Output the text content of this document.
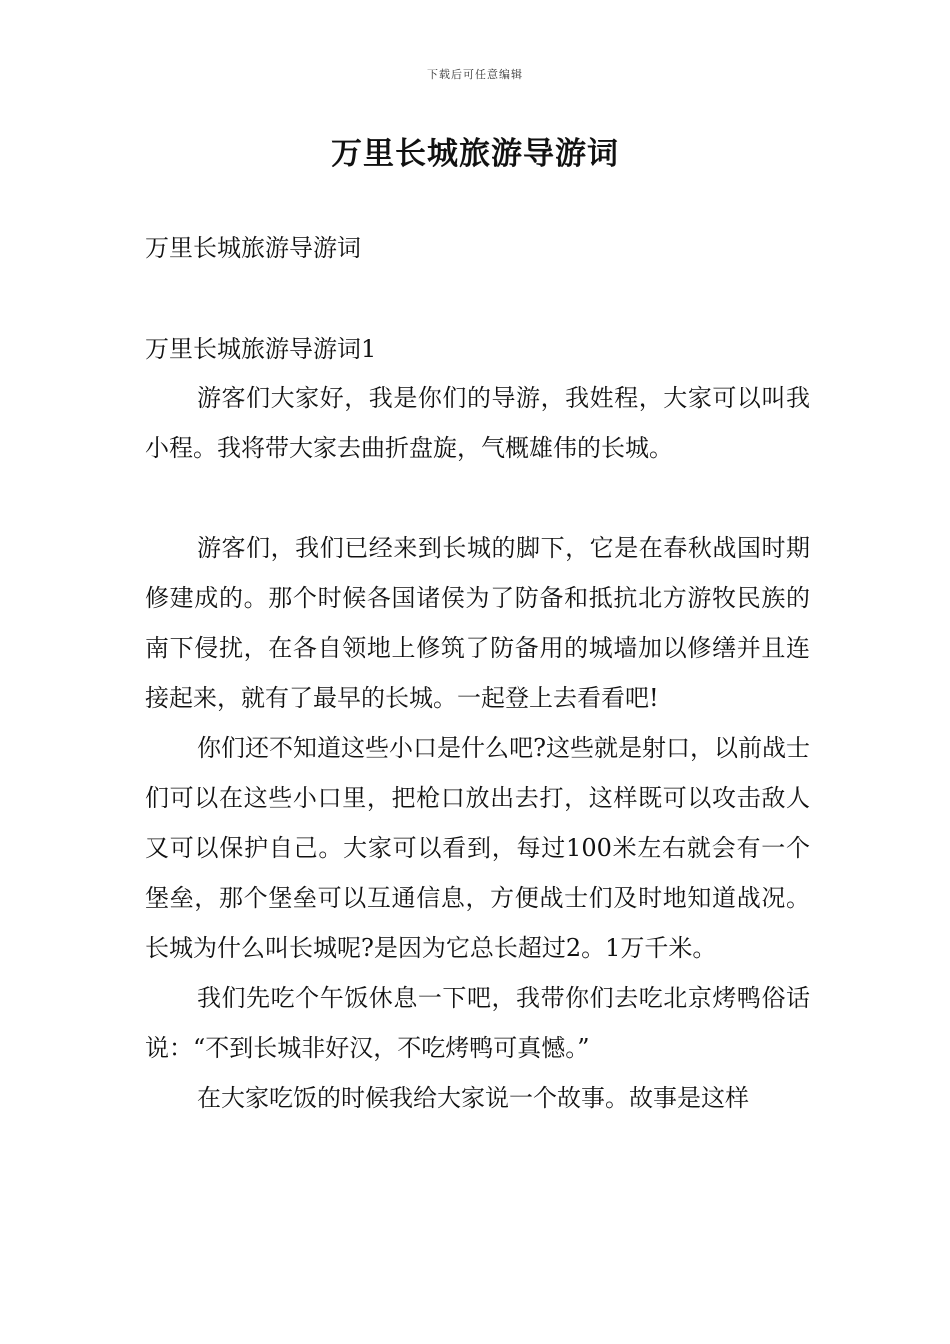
下载后可任意编辑
万里长城旅游导游词
万里长城旅游导游词
万里长城旅游导游词1

游客们大家好，我是你们的导游，我姓程，大家可以叫我小程。我将带大家去曲折盘旋，气概雄伟的长城。

游客们，我们已经来到长城的脚下，它是在春秋战国时期修建成的。那个时候各国诸侯为了防备和抵抗北方游牧民族的南下侵扰，在各自领地上修筑了防备用的城墙加以修缮并且连接起来，就有了最早的长城。一起登上去看看吧!

你们还不知道这些小口是什么吧?这些就是射口，以前战士们可以在这些小口里，把枪口放出去打，这样既可以攻击敌人又可以保护自己。大家可以看到，每过100米左右就会有一个堡垒，那个堡垒可以互通信息，方便战士们及时地知道战况。长城为什么叫长城呢?是因为它总长超过2。1万千米。

我们先吃个午饭休息一下吧，我带你们去吃北京烤鸭俗话说：“不到长城非好汉，不吃烤鸭可真憾。”

在大家吃饭的时候我给大家说一个故事。故事是这样
